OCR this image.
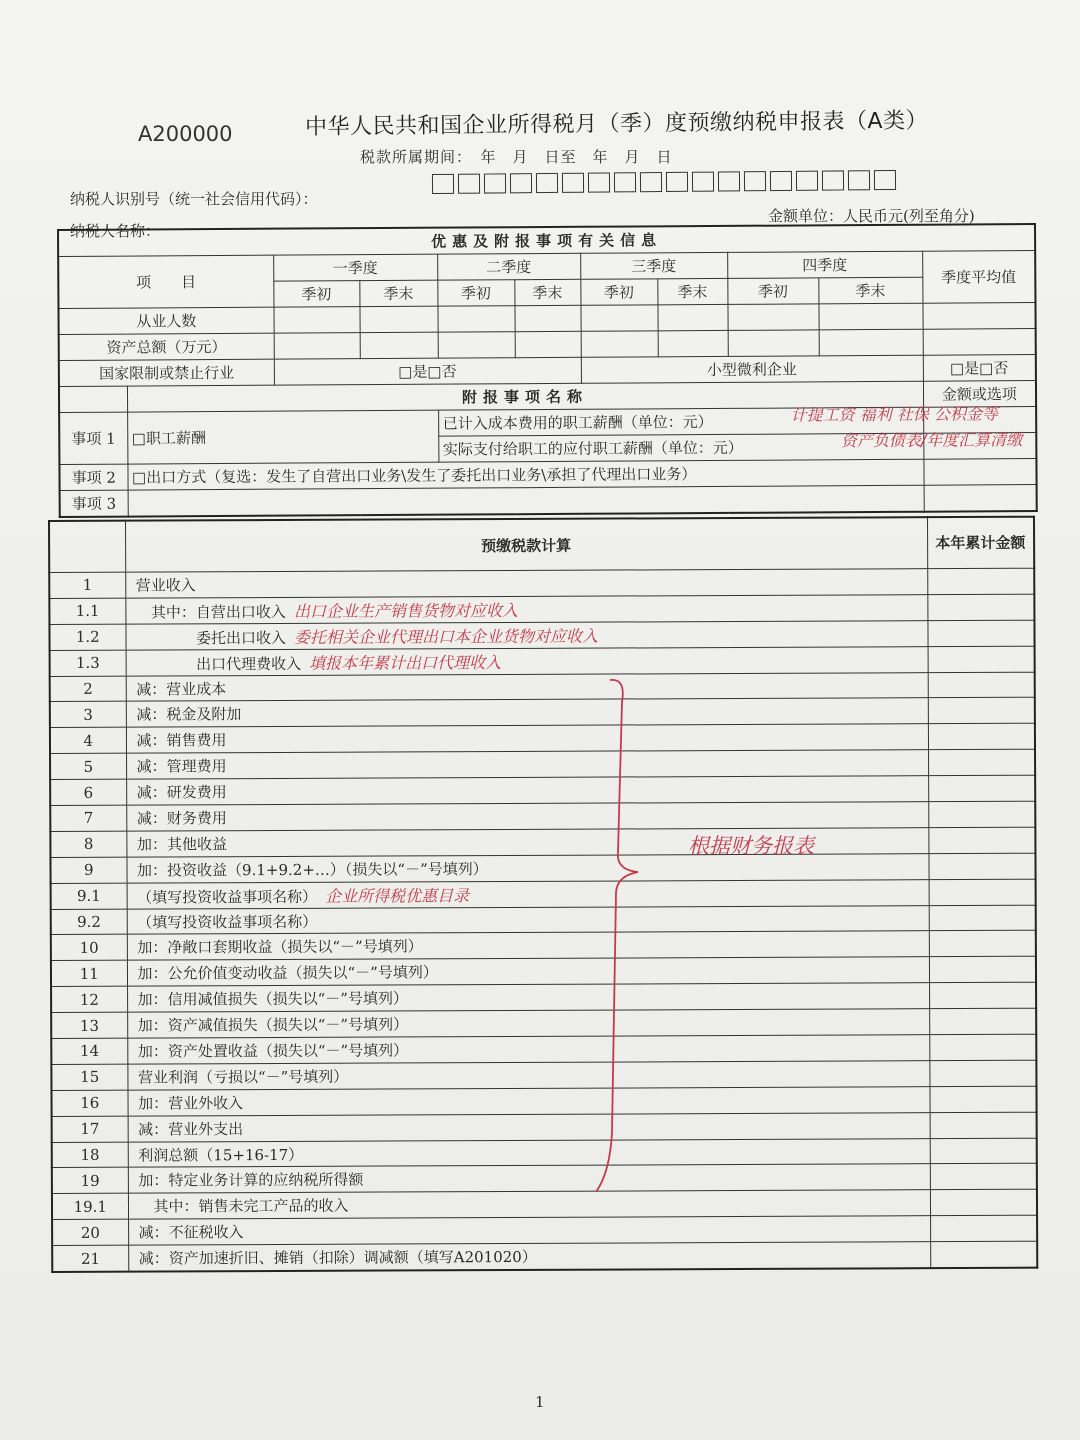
A200000	中华人民共和国企业所得税月（季）度预缴纳税申报表（A类）
税款所属期间：　年　月　日至　年　月　日
纳税人识别号（统一社会信用代码）：
金额单位：人民币元(列至角分)
纳税人名称：
优惠及附报事项有关信息										
项　　目		一季度		二季度		三季度		四季度		季度平均值
		季初	季末	季初	季末	季初	季末	季初	季末	
从业人数										
资产总额（万元）										
国家限制或禁止行业		□是□否				小型微利企业				□是□否
	附报事项名称									金额或选项
事项 1	□职工薪酬			已计入成本费用的职工薪酬（单位：元） 计提工资 福利 社保 公积金等						

				实际支付给职工的应付职工薪酬（单位：元） 资产负债表/年度汇算清缴						

事项 2	□出口方式（复选：发生了自营出口业务\发生了委托出口业务\承担了代理出口业务）									
事项 3										
	预缴税款计算	本年累计金额
1	营业收入	
1.1	　其中：自营出口收入 出口企业生产销售货物对应收入	
1.2	　　　　委托出口收入 委托相关企业代理出口本企业货物对应收入	
1.3	　　　　出口代理费收入 填报本年累计出口代理收入	
2	减：营业成本	
3	减：税金及附加	
4	减：销售费用	
5	减：管理费用	
6	减：研发费用	
7	减：财务费用	
8	加：其他收益	
9	加：投资收益（9.1+9.2+…）（损失以“－”号填列）	
9.1	（填写投资收益事项名称） 企业所得税优惠目录	
9.2	（填写投资收益事项名称）	
10	加：净敞口套期收益（损失以“－”号填列）	
11	加：公允价值变动收益（损失以“－”号填列）	
12	加：信用减值损失（损失以“－”号填列）	
13	加：资产减值损失（损失以“－”号填列）	
14	加：资产处置收益（损失以“－”号填列）	
15	营业利润（亏损以“－”号填列）	
16	加：营业外收入	
17	减：营业外支出	
18	利润总额（15+16-17）	
19	加：特定业务计算的应纳税所得额	
19.1	　其中：销售未完工产品的收入	
20	减：不征税收入	
21	减：资产加速折旧、摊销（扣除）调减额（填写A201020）	
根据财务报表
1
